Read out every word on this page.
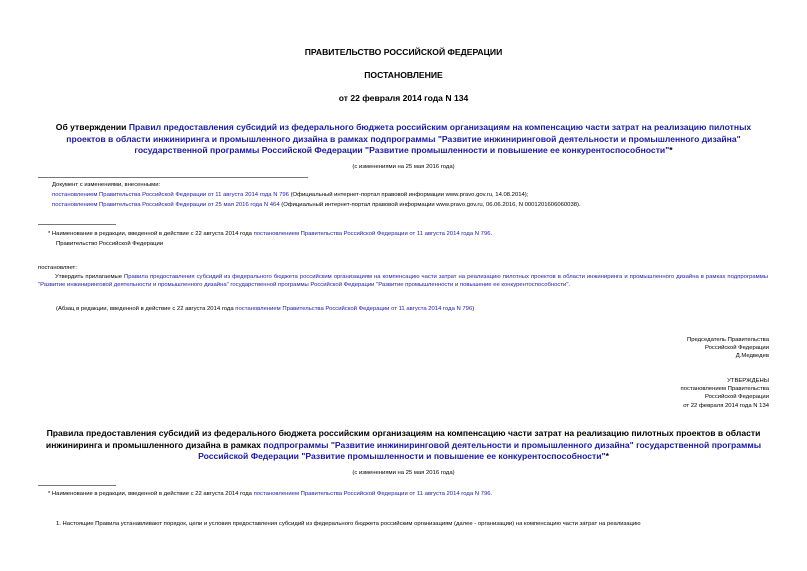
ПРАВИТЕЛЬСТВО РОССИЙСКОЙ ФЕДЕРАЦИИ
ПОСТАНОВЛЕНИЕ
от 22 февраля 2014 года N 134
Об утверждении Правил предоставления субсидий из федерального бюджета российским организациям на компенсацию части затрат на реализацию пилотных проектов в области инжиниринга и промышленного дизайна в рамках подпрограммы "Развитие инжиниринговой деятельности и промышленного дизайна" государственной программы Российской Федерации "Развитие промышленности и повышение ее конкурентоспособности"*
(с изменениями на 25 мая 2016 года)
Документ с изменениями, внесенными:
постановлением Правительства Российской Федерации от 11 августа 2014 года N 796 (Официальный интернет-портал правовой информации www.pravo.gov.ru, 14.08.2014);
постановлением Правительства Российской Федерации от 25 мая 2016 года N 464 (Официальный интернет-портал правовой информации www.pravo.gov.ru, 06.06.2016, N 0001201606060038).
* Наименование в редакции, введенной в действие с 22 августа 2014 года постановлением Правительства Российской Федерации от 11 августа 2014 года N 796.
Правительство Российской Федерации
постановляет:
Утвердить прилагаемые Правила предоставления субсидий из федерального бюджета российским организациям на компенсацию части затрат на реализацию пилотных проектов в области инжиниринга и промышленного дизайна в рамках подпрограммы "Развитие инжиниринговой деятельности и промышленного дизайна" государственной программы Российской Федерации "Развитие промышленности и повышение ее конкурентоспособности".
(Абзац в редакции, введенной в действие с 22 августа 2014 года постановлением Правительства Российской Федерации от 11 августа 2014 года N 796)
Председатель Правительства
Российской Федерации
Д.Медведев
УТВЕРЖДЕНЫ
постановлением Правительства
Российской Федерации
от 22 февраля 2014 года N 134
Правила предоставления субсидий из федерального бюджета российским организациям на компенсацию части затрат на реализацию пилотных проектов в области инжиниринга и промышленного дизайна в рамках подпрограммы "Развитие инжиниринговой деятельности и промышленного дизайна" государственной программы Российской Федерации "Развитие промышленности и повышение ее конкурентоспособности"*
(с изменениями на 25 мая 2016 года)
* Наименование в редакции, введенной в действие с 22 августа 2014 года постановлением Правительства Российской Федерации от 11 августа 2014 года N 796.
1. Настоящие Правила устанавливают порядок, цели и условия предоставления субсидий из федерального бюджета российским организациям (далее - организации) на компенсацию части затрат на реализацию
